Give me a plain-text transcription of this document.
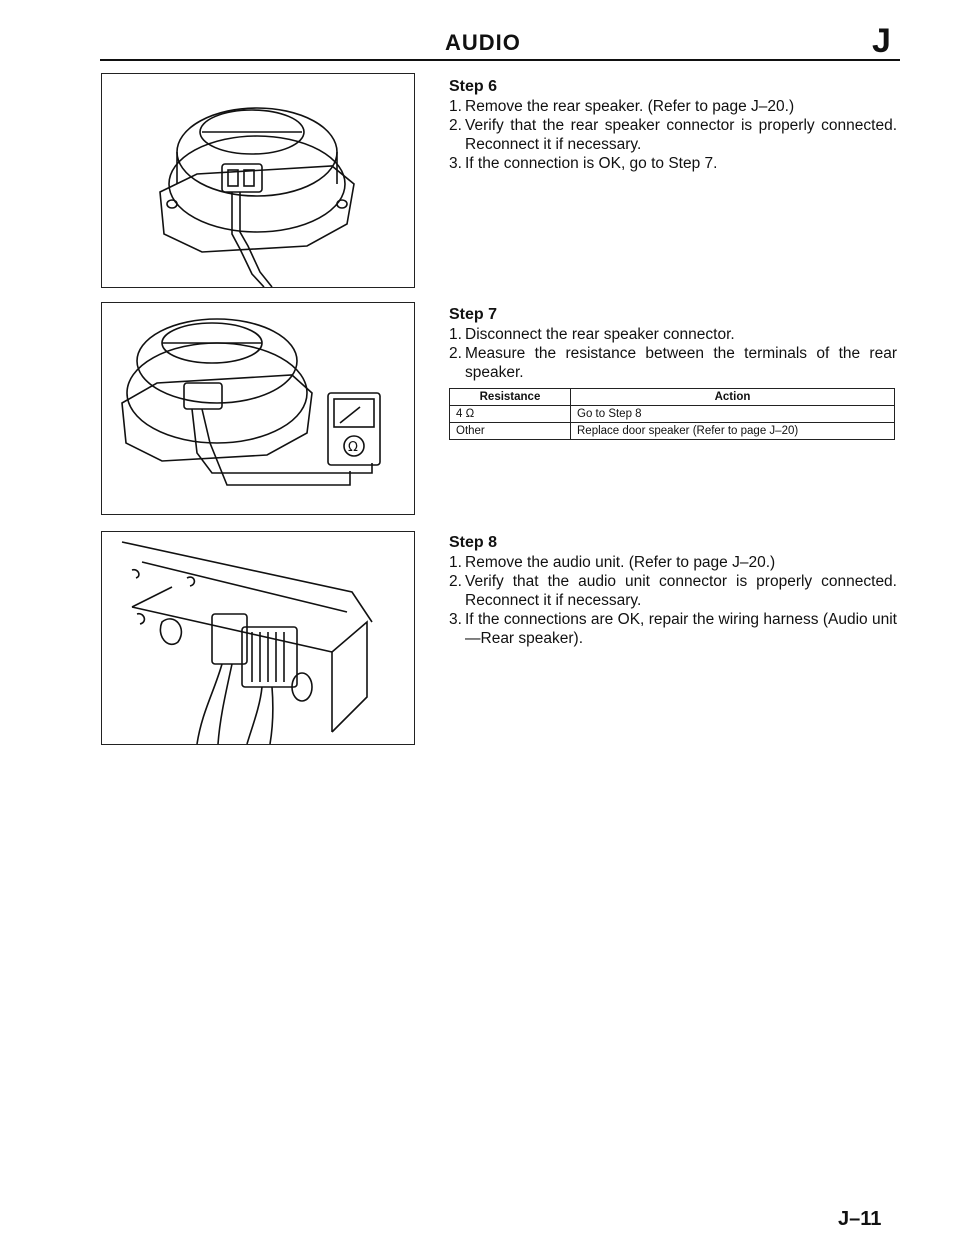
AUDIO	J
Ω
Step 6
1. Remove the rear speaker. (Refer to page J–20.)
2. Verify that the rear speaker connector is properly connected. Reconnect it if necessary.
3. If the connection is OK, go to Step 7.
Step 7
1. Disconnect the rear speaker connector.
2. Measure the resistance between the terminals of the rear speaker.
Resistance	Action
4 Ω	Go to Step 8
Other	Replace door speaker (Refer to page J–20)
Step 8
1. Remove the audio unit. (Refer to page J–20.)
2. Verify that the audio unit connector is properly connected. Reconnect it if necessary.
3. If the connections are OK, repair the wiring harness (Audio unit—Rear speaker).
J–11
